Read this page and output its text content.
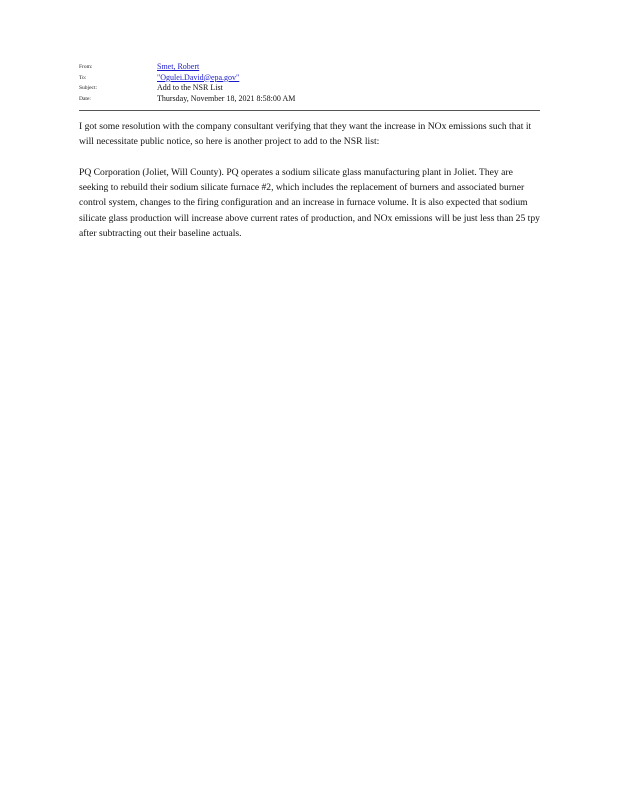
From:	Smet, Robert
To:	"Ogulei.David@epa.gov"
Subject:	Add to the NSR List
Date:	Thursday, November 18, 2021 8:58:00 AM

I got some resolution with the company consultant verifying that they want the increase in NOx emissions such that it will necessitate public notice, so here is another project to add to the NSR list:

PQ Corporation (Joliet, Will County). PQ operates a sodium silicate glass manufacturing plant in Joliet. They are seeking to rebuild their sodium silicate furnace #2, which includes the replacement of burners and associated burner control system, changes to the firing configuration and an increase in furnace volume. It is also expected that sodium silicate glass production will increase above current rates of production, and NOx emissions will be just less than 25 tpy after subtracting out their baseline actuals.
